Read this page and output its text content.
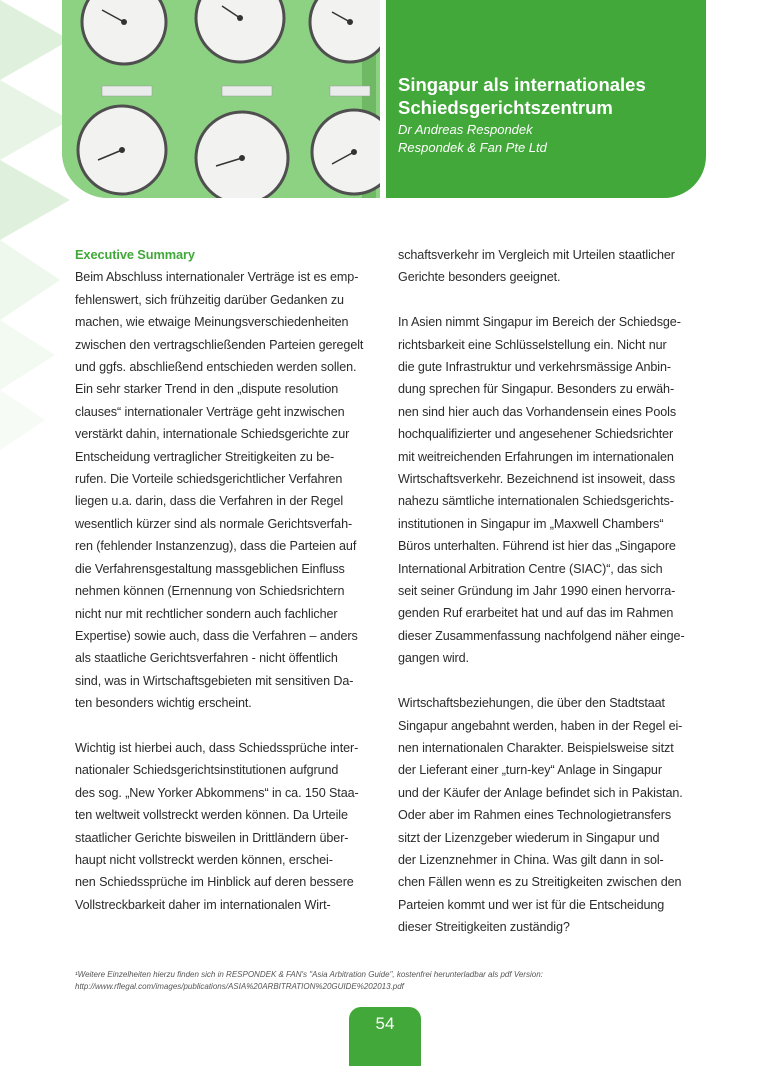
Singapur als internationales
Schiedsgerichtszentrum
Dr Andreas Respondek
Respondek & Fan Pte Ltd
Executive Summary

Beim Abschluss internationaler Verträge ist es emp-

fehlenswert, sich frühzeitig darüber Gedanken zu

machen, wie etwaige Meinungsverschiedenheiten

zwischen den vertragschließenden Parteien geregelt

und ggfs. abschließend entschieden werden sollen.

Ein sehr starker Trend in den „dispute resolution

clauses“ internationaler Verträge geht inzwischen

verstärkt dahin, internationale Schiedsgerichte zur

Entscheidung vertraglicher Streitigkeiten zu be-

rufen. Die Vorteile schiedsgerichtlicher Verfahren

liegen u.a. darin, dass die Verfahren in der Regel

wesentlich kürzer sind als normale Gerichtsverfah-

ren (fehlender Instanzenzug), dass die Parteien auf

die Verfahrensgestaltung massgeblichen Einfluss

nehmen können (Ernennung von Schiedsrichtern

nicht nur mit rechtlicher sondern auch fachlicher

Expertise) sowie auch, dass die Verfahren – anders

als staatliche Gerichtsverfahren - nicht öffentlich

sind, was in Wirtschaftsgebieten mit sensitiven Da-

ten besonders wichtig erscheint.

Wichtig ist hierbei auch, dass Schiedssprüche inter-

nationaler Schiedsgerichtsinstitutionen aufgrund

des sog. „New Yorker Abkommens“ in ca. 150 Staa-

ten weltweit vollstreckt werden können. Da Urteile

staatlicher Gerichte bisweilen in Drittländern über-

haupt nicht vollstreckt werden können, erschei-

nen Schiedssprüche im Hinblick auf deren bessere

Vollstreckbarkeit daher im internationalen Wirt-

schaftsverkehr im Vergleich mit Urteilen staatlicher

Gerichte besonders geeignet.

In Asien nimmt Singapur im Bereich der Schiedsge-

richtsbarkeit eine Schlüsselstellung ein. Nicht nur

die gute Infrastruktur und verkehrsmässige Anbin-

dung sprechen für Singapur. Besonders zu erwäh-

nen sind hier auch das Vorhandensein eines Pools

hochqualifizierter und angesehener Schiedsrichter

mit weitreichenden Erfahrungen im internationalen

Wirtschaftsverkehr. Bezeichnend ist insoweit, dass

nahezu sämtliche internationalen Schiedsgerichts-

institutionen in Singapur im „Maxwell Chambers“

Büros unterhalten. Führend ist hier das „Singapore

International Arbitration Centre (SIAC)“, das sich

seit seiner Gründung im Jahr 1990 einen hervorra-

genden Ruf erarbeitet hat und auf das im Rahmen

dieser Zusammenfassung nachfolgend näher einge-

gangen wird.

Wirtschaftsbeziehungen, die über den Stadtstaat

Singapur angebahnt werden, haben in der Regel ei-

nen internationalen Charakter. Beispielsweise sitzt

der Lieferant einer „turn-key“ Anlage in Singapur

und der Käufer der Anlage befindet sich in Pakistan.

Oder aber im Rahmen eines Technologietransfers

sitzt der Lizenzgeber wiederum in Singapur und

der Lizenznehmer in China. Was gilt dann in sol-

chen Fällen wenn es zu Streitigkeiten zwischen den

Parteien kommt und wer ist für die Entscheidung

dieser Streitigkeiten zuständig?

¹Weitere Einzelheiten hierzu finden sich in RESPONDEK & FAN's "Asia Arbitration Guide", kostenfrei herunterladbar als pdf Version:
http://www.rflegal.com/images/publications/ASIA%20ARBITRATION%20GUIDE%202013.pdf
54
